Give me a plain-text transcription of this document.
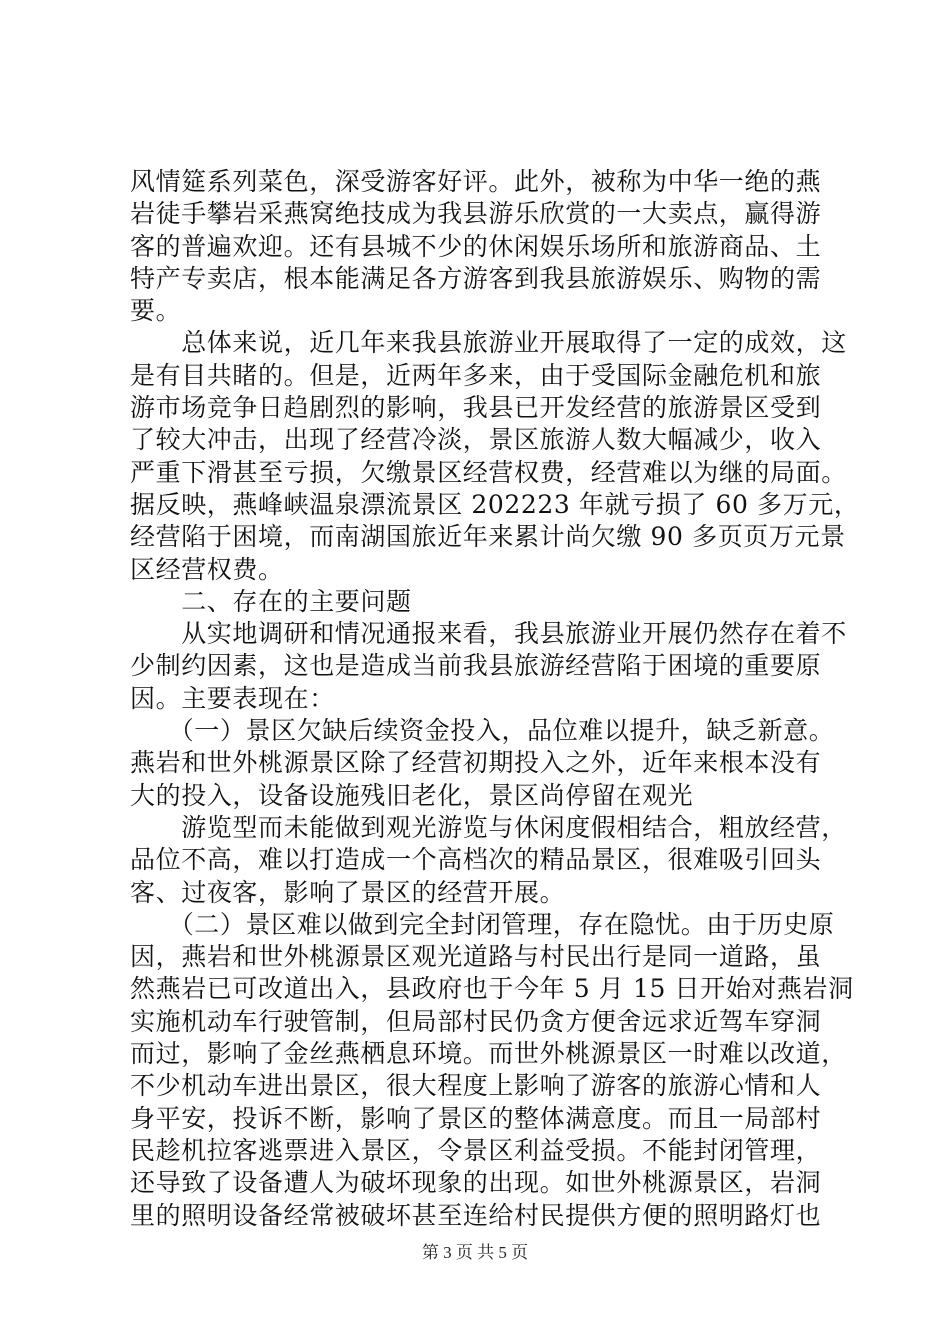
风情筵系列菜色，深受游客好评。此外，被称为中华一绝的燕
岩徒手攀岩采燕窝绝技成为我县游乐欣赏的一大卖点，赢得游
客的普遍欢迎。还有县城不少的休闲娱乐场所和旅游商品、土
特产专卖店，根本能满足各方游客到我县旅游娱乐、购物的需
要。
　　总体来说，近几年来我县旅游业开展取得了一定的成效，这
是有目共睹的。但是，近两年多来，由于受国际金融危机和旅
游市场竞争日趋剧烈的影响，我县已开发经营的旅游景区受到
了较大冲击，出现了经营冷淡，景区旅游人数大幅减少，收入
严重下滑甚至亏损，欠缴景区经营权费，经营难以为继的局面。
据反映，燕峰峡温泉漂流景区 202223 年就亏损了 60 多万元，
经营陷于困境，而南湖国旅近年来累计尚欠缴 90 多页页万元景
区经营权费。
　　二、存在的主要问题
　　从实地调研和情况通报来看，我县旅游业开展仍然存在着不
少制约因素，这也是造成当前我县旅游经营陷于困境的重要原
因。主要表现在：
　　（一）景区欠缺后续资金投入，品位难以提升，缺乏新意。
燕岩和世外桃源景区除了经营初期投入之外，近年来根本没有
大的投入，设备设施残旧老化，景区尚停留在观光
　　游览型而未能做到观光游览与休闲度假相结合，粗放经营，
品位不高，难以打造成一个高档次的精品景区，很难吸引回头
客、过夜客，影响了景区的经营开展。
　　（二）景区难以做到完全封闭管理，存在隐忧。由于历史原
因，燕岩和世外桃源景区观光道路与村民出行是同一道路，虽
然燕岩已可改道出入，县政府也于今年 5 月 15 日开始对燕岩洞
实施机动车行驶管制，但局部村民仍贪方便舍远求近驾车穿洞
而过，影响了金丝燕栖息环境。而世外桃源景区一时难以改道，
不少机动车进出景区，很大程度上影响了游客的旅游心情和人
身平安，投诉不断，影响了景区的整体满意度。而且一局部村
民趁机拉客逃票进入景区，令景区利益受损。不能封闭管理，
还导致了设备遭人为破坏现象的出现。如世外桃源景区，岩洞
里的照明设备经常被破坏甚至连给村民提供方便的照明路灯也
第 3 页 共 5 页
